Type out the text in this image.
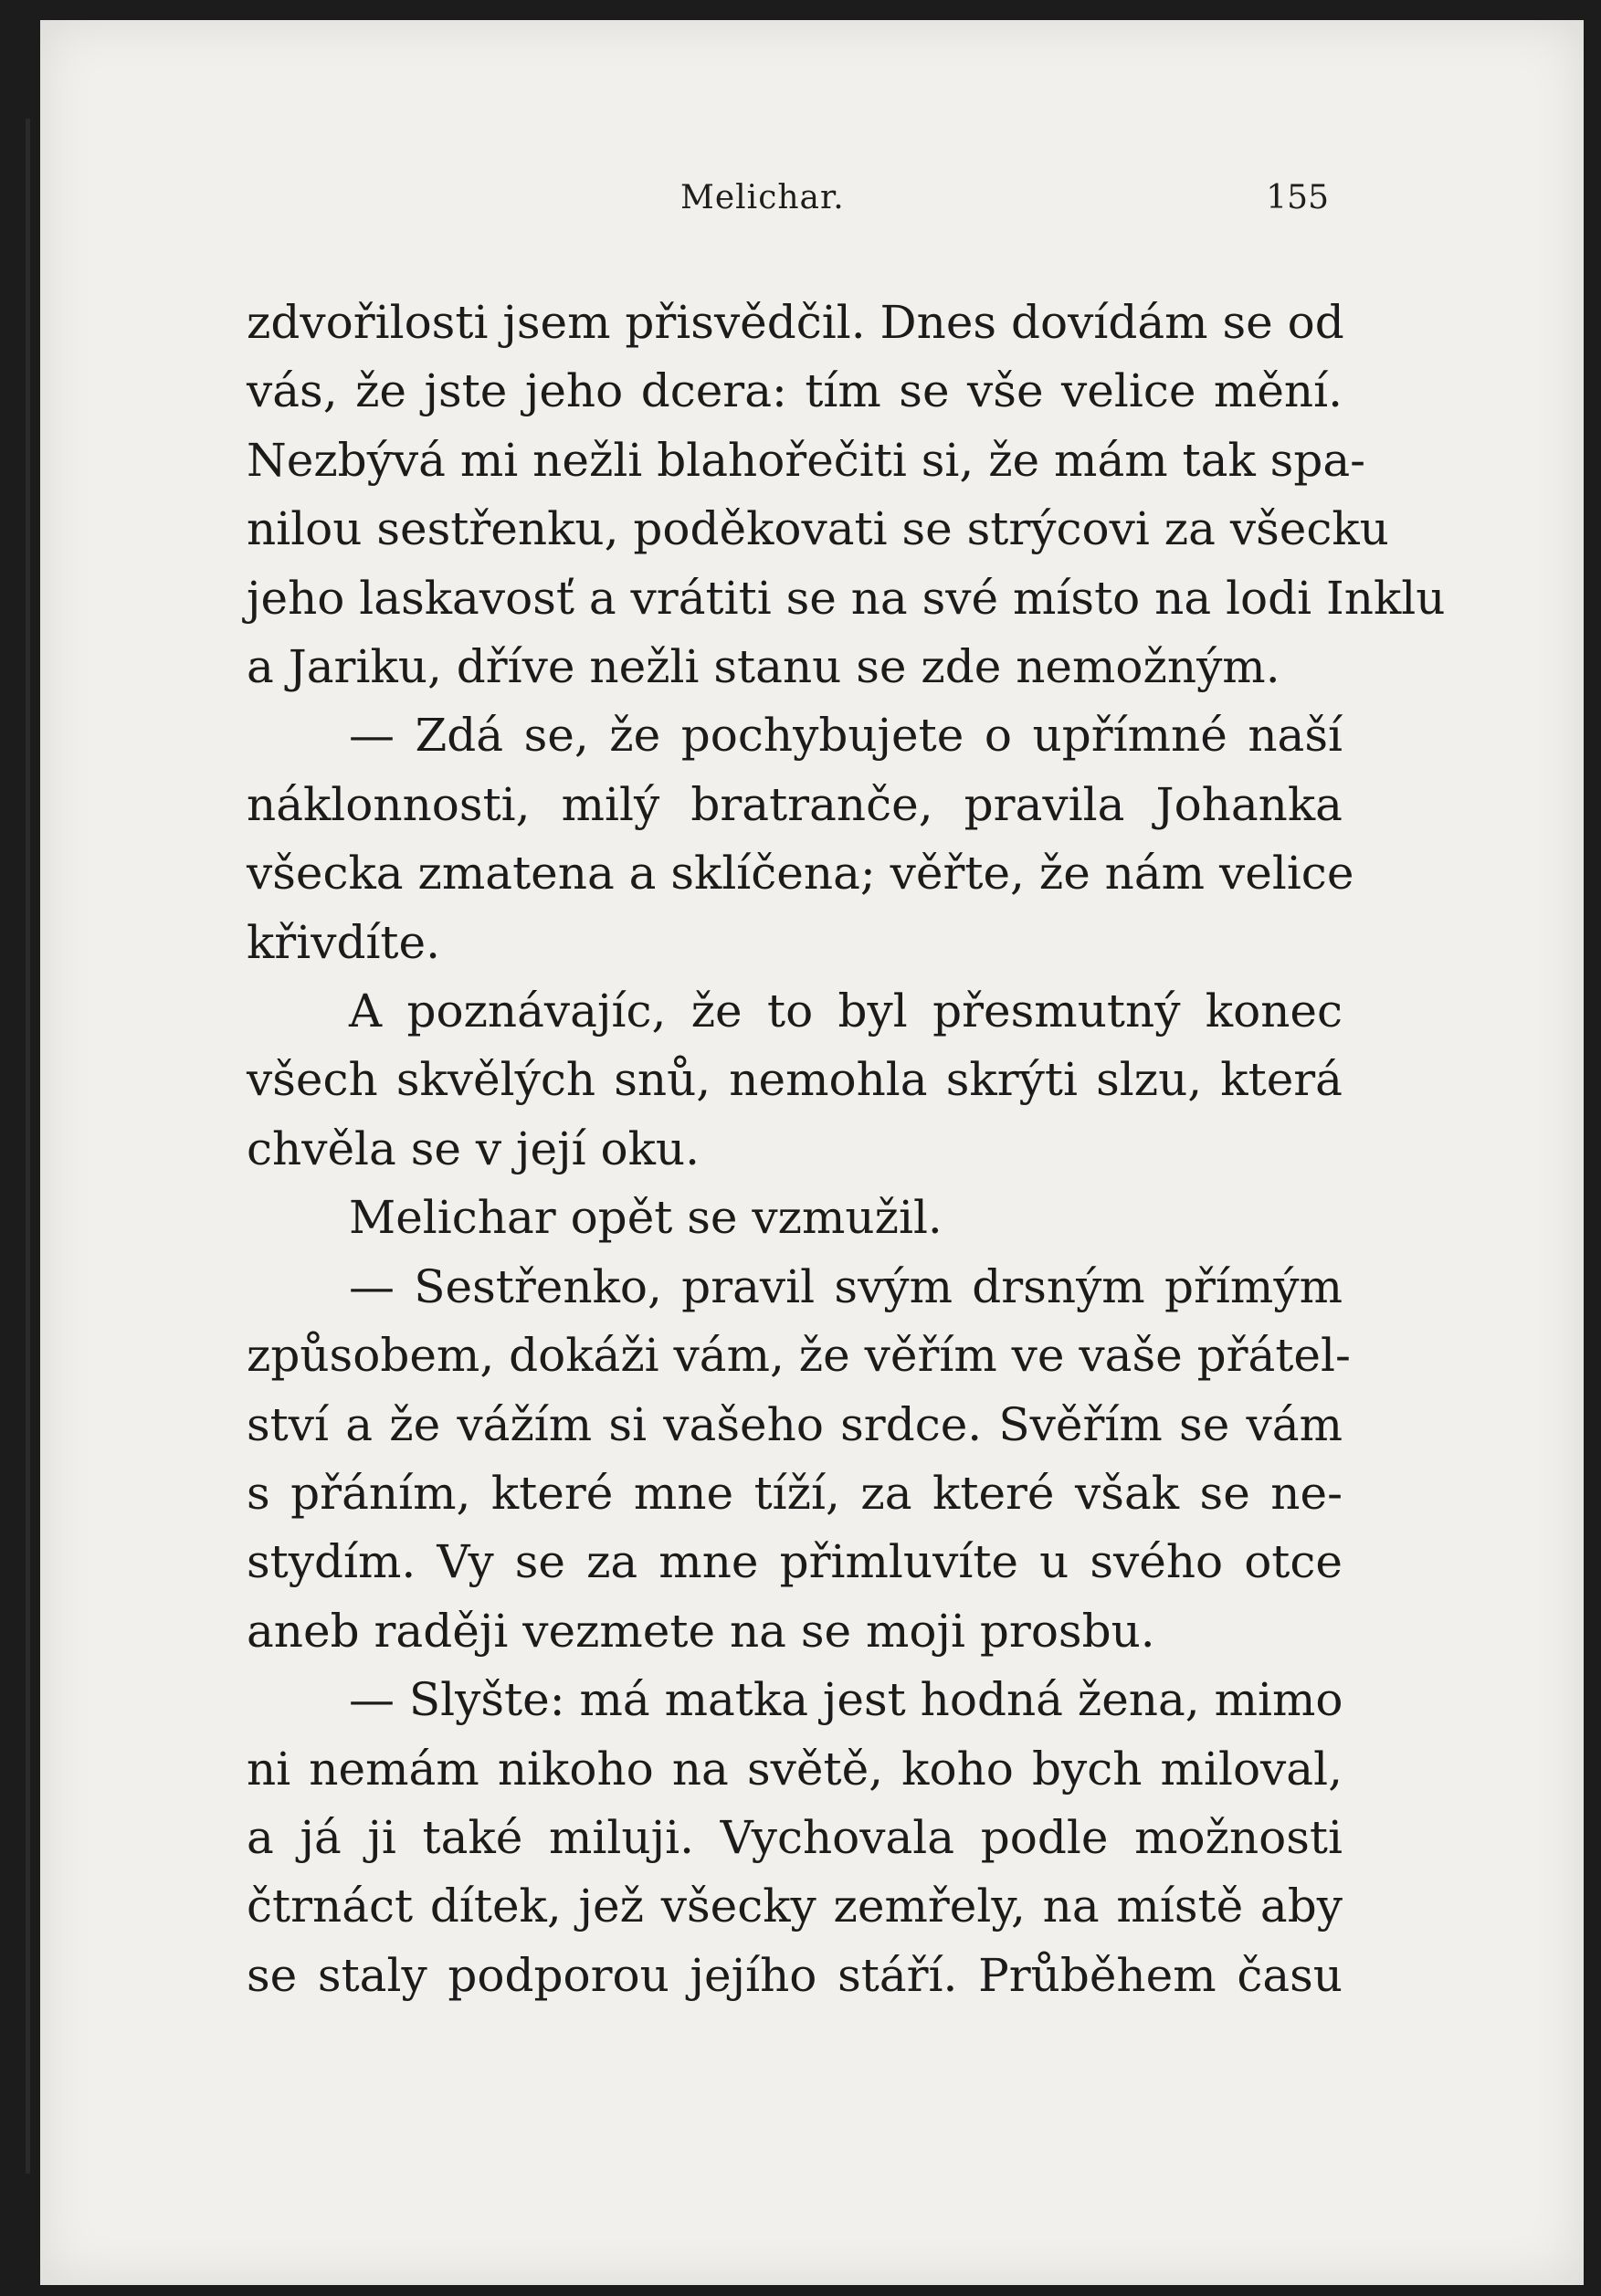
Melichar.	155
zdvořilosti jsem přisvědčil. Dnes dovídám se od
vás, že jste jeho dcera: tím se vše velice mění.
Nezbývá mi nežli blahořečiti si, že mám tak spa-
nilou sestřenku, poděkovati se strýcovi za všecku
jeho laskavosť a vrátiti se na své místo na lodi Inklu
a Jariku, dříve nežli stanu se zde nemožným.
— Zdá se, že pochybujete o upřímné naší
náklonnosti, milý bratranče, pravila Johanka
všecka zmatena a sklíčena; věřte, že nám velice
křivdíte.
A poznávajíc, že to byl přesmutný konec
všech skvělých snů, nemohla skrýti slzu, která
chvěla se v její oku.
Melichar opět se vzmužil.
— Sestřenko, pravil svým drsným přímým
způsobem, dokáži vám, že věřím ve vaše přátel-
ství a že vážím si vašeho srdce. Svěřím se vám
s přáním, které mne tíží, za které však se ne-
stydím. Vy se za mne přimluvíte u svého otce
aneb raději vezmete na se moji prosbu.
— Slyšte: má matka jest hodná žena, mimo
ni nemám nikoho na světě, koho bych miloval,
a já ji také miluji. Vychovala podle možnosti
čtrnáct dítek, jež všecky zemřely, na místě aby
se staly podporou jejího stáří. Průběhem času
